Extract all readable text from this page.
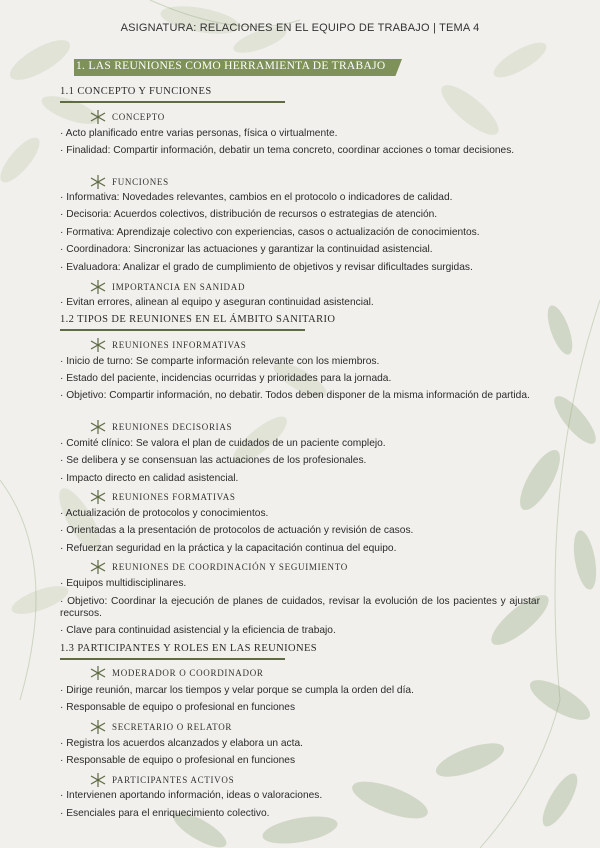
ASIGNATURA: RELACIONES EN EL EQUIPO DE TRABAJO | TEMA 4
1. LAS REUNIONES COMO HERRAMIENTA DE TRABAJO
1.1 CONCEPTO Y FUNCIONES
CONCEPTO
· Acto planificado entre varias personas, física o virtualmente.
· Finalidad: Compartir información, debatir un tema concreto, coordinar acciones o tomar decisiones.
FUNCIONES
· Informativa: Novedades relevantes, cambios en el protocolo o indicadores de calidad.
· Decisoria: Acuerdos colectivos, distribución de recursos o estrategias de atención.
· Formativa: Aprendizaje colectivo con experiencias, casos o actualización de conocimientos.
· Coordinadora: Sincronizar las actuaciones y garantizar la continuidad asistencial.
· Evaluadora: Analizar el grado de cumplimiento de objetivos y revisar dificultades surgidas.
IMPORTANCIA EN SANIDAD
· Evitan errores, alinean al equipo y aseguran continuidad asistencial.
1.2 TIPOS DE REUNIONES EN EL ÁMBITO SANITARIO
REUNIONES INFORMATIVAS
· Inicio de turno: Se comparte información relevante con los miembros.
· Estado del paciente, incidencias ocurridas y prioridades para la jornada.
· Objetivo: Compartir información, no debatir. Todos deben disponer de la misma información de partida.
REUNIONES DECISORIAS
· Comité clínico: Se valora el plan de cuidados de un paciente complejo.
· Se delibera y se consensuan las actuaciones de los profesionales.
· Impacto directo en calidad asistencial.
REUNIONES FORMATIVAS
· Actualización de protocolos y conocimientos.
· Orientadas a la presentación de protocolos de actuación y revisión de casos.
· Refuerzan seguridad en la práctica y la capacitación continua del equipo.
REUNIONES DE COORDINACIÓN Y SEGUIMIENTO
· Equipos multidisciplinares.
· Objetivo: Coordinar la ejecución de planes de cuidados, revisar la evolución de los pacientes y ajustar recursos.
· Clave para continuidad asistencial y la eficiencia de trabajo.
1.3 PARTICIPANTES Y ROLES EN LAS REUNIONES
MODERADOR O COORDINADOR
· Dirige reunión, marcar los tiempos y velar porque se cumpla la orden del día.
· Responsable de equipo o profesional en funciones
SECRETARIO O RELATOR
· Registra los acuerdos alcanzados y elabora un acta.
· Responsable de equipo o profesional en funciones
PARTICIPANTES ACTIVOS
· Intervienen aportando información, ideas o valoraciones.
· Esenciales para el enriquecimiento colectivo.
